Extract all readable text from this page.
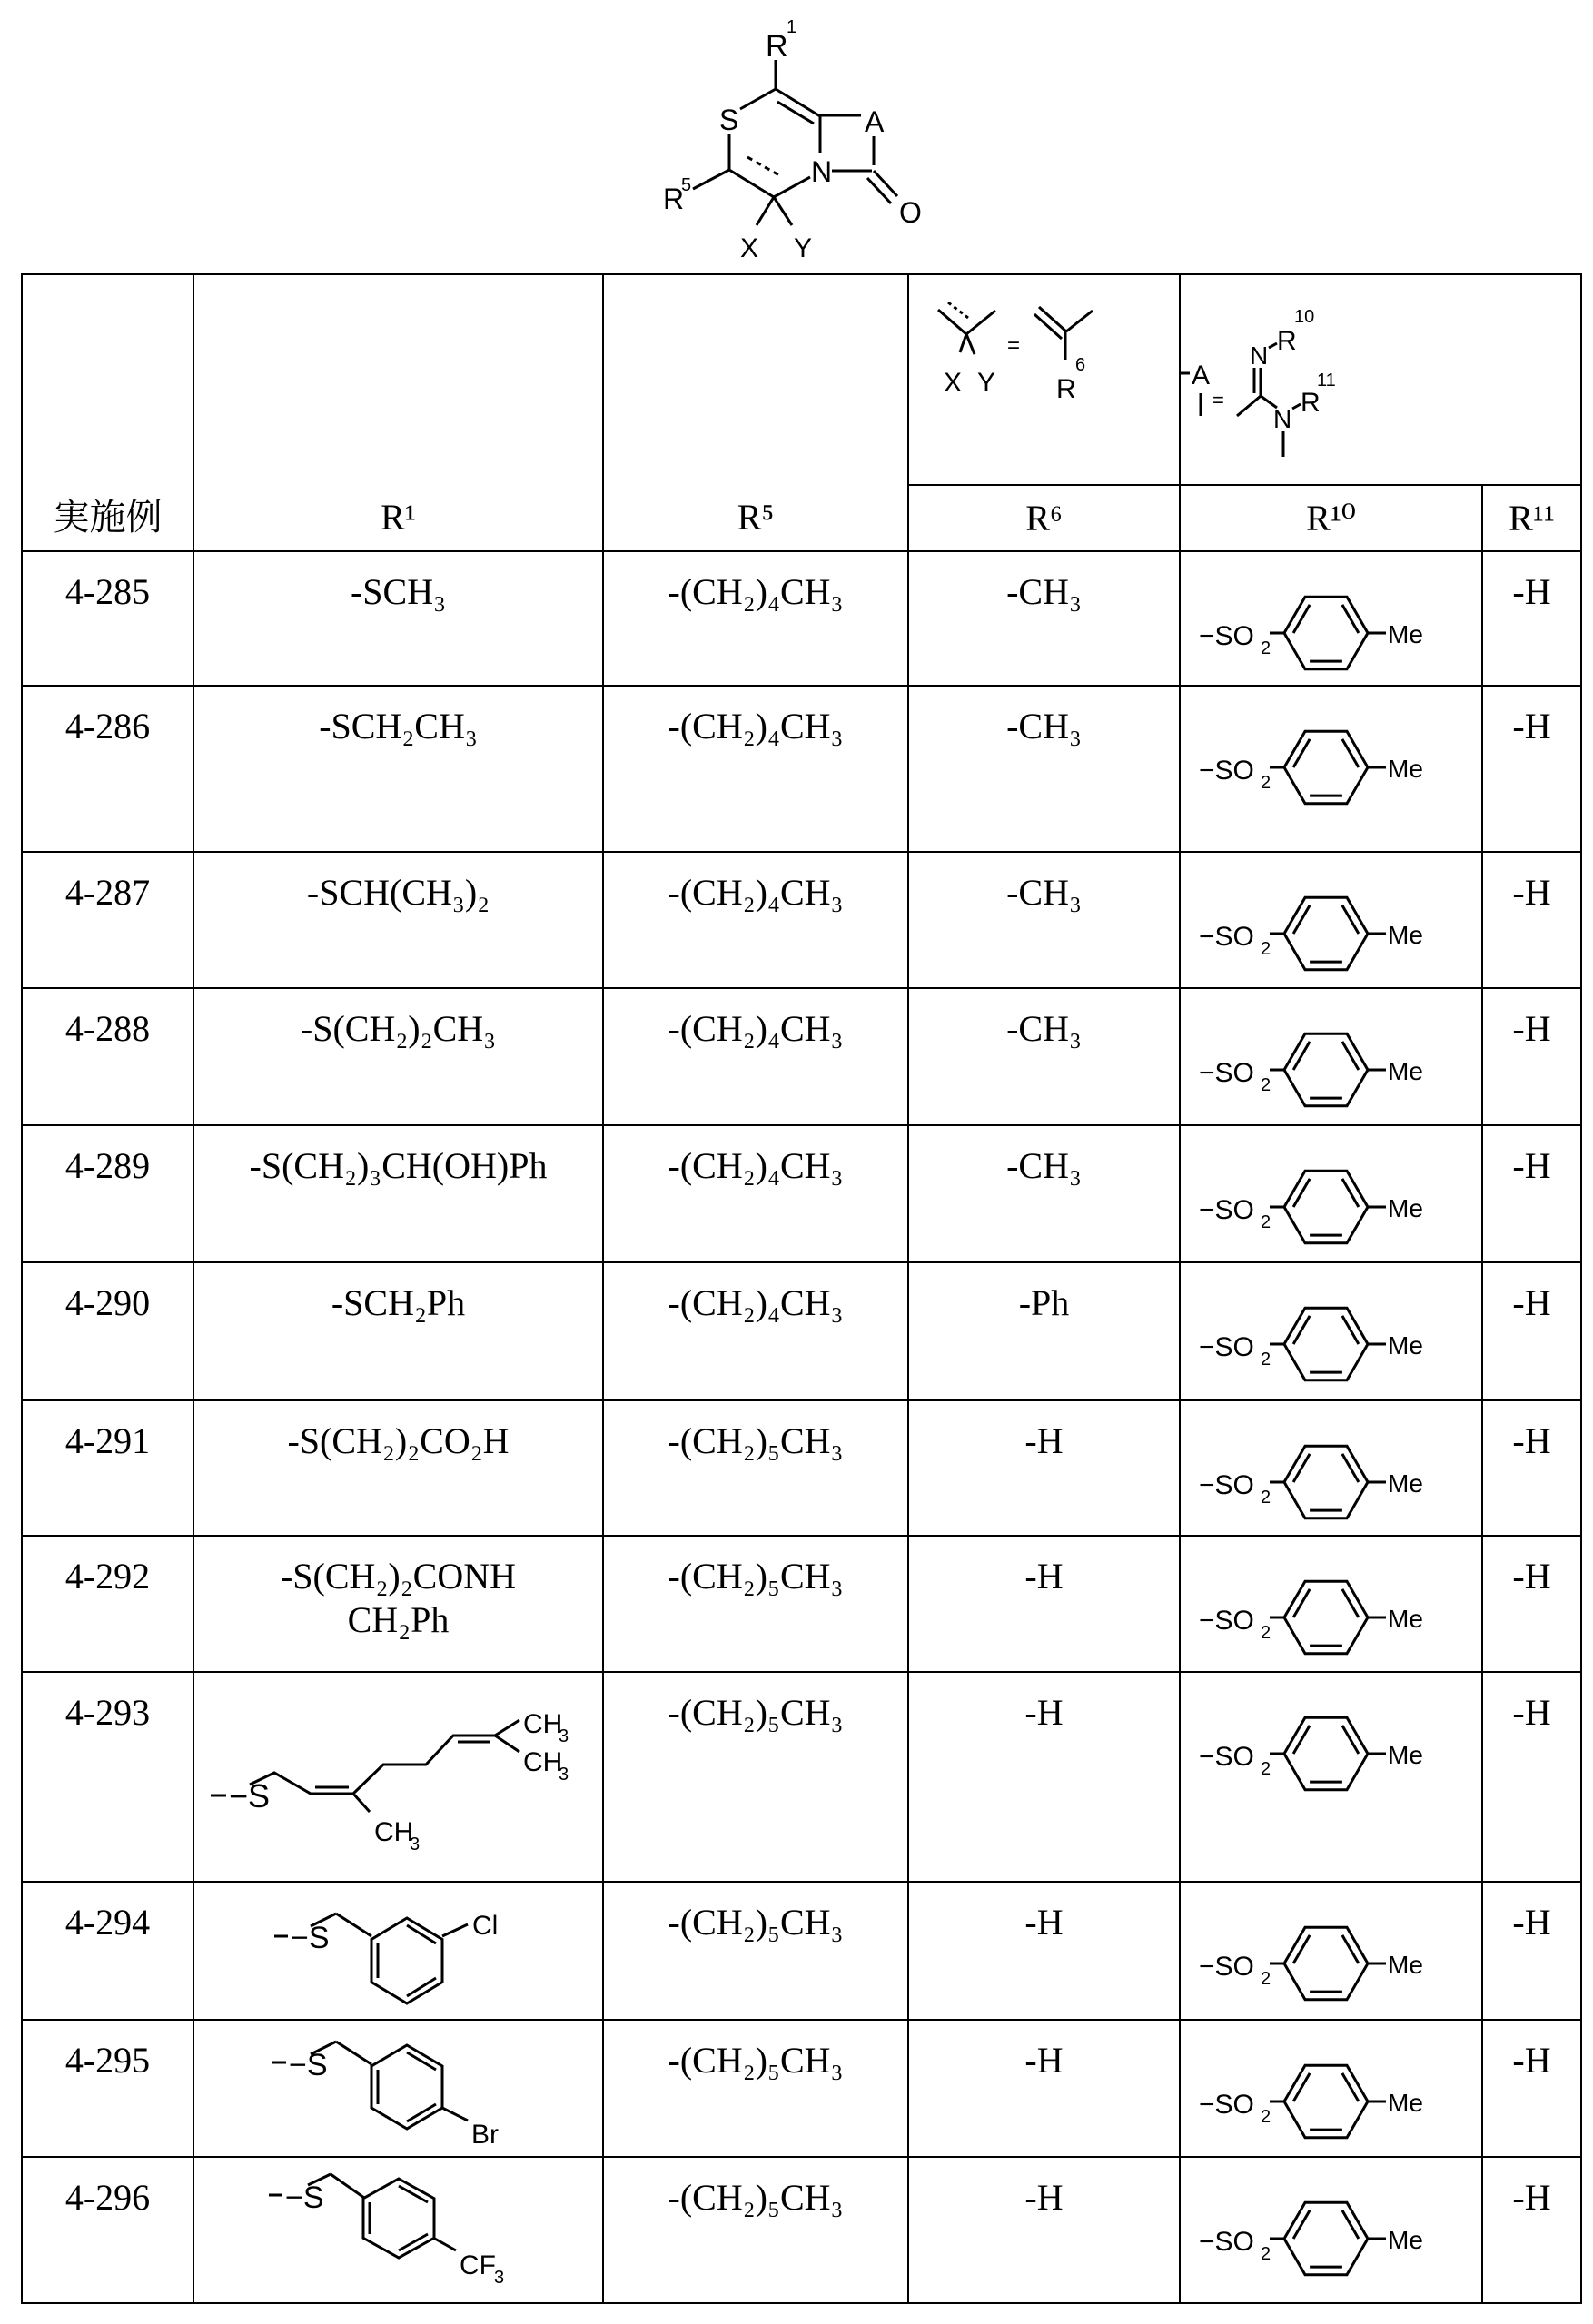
R
1
A
N
O
S
R
5
X Y
実施例	R¹	R⁵	
X Y
=
R
6	A
=
N R
10
N
R
11

R⁶	R¹⁰	R¹¹

4-285	-SCH₃	-(CH₂)₄CH₃	-CH₃

−SO 2	Me

-H

4-286	-SCH₂CH₃	-(CH₂)₄CH₃	-CH₃

−SO 2	Me

-H

4-287	-SCH(CH₃)₂	-(CH₂)₄CH₃	-CH₃

−SO 2	Me

-H

4-288	-S(CH₂)₂CH₃	-(CH₂)₄CH₃	-CH₃

−SO 2	Me

-H

4-289	-S(CH₂)₃CH(OH)Ph	-(CH₂)₄CH₃	-CH₃

−SO 2	Me

-H

4-290	-SCH₂Ph	-(CH₂)₄CH₃	-Ph

−SO 2	Me

-H

4-291	-S(CH₂)₂CO₂H	-(CH₂)₅CH₃	-H

−SO 2	Me

-H

4-292	-S(CH₂)₂CONH
CH₂Ph

-(CH₂)₅CH₃	-H

−SO 2	Me

-H

4-293

−S
CH
3
CH
3
CH
3

-(CH₂)₅CH₃	-H

−SO 2	Me

-H

4-294	−S	Cl	-(CH₂)₅CH₃	-H

−SO 2	Me

-H

4-295	−S
Br

-(CH₂)₅CH₃	-H

−SO 2	Me

-H

4-296	−S
CF
3

-(CH₂)₅CH₃	-H

−SO 2	Me

-H
